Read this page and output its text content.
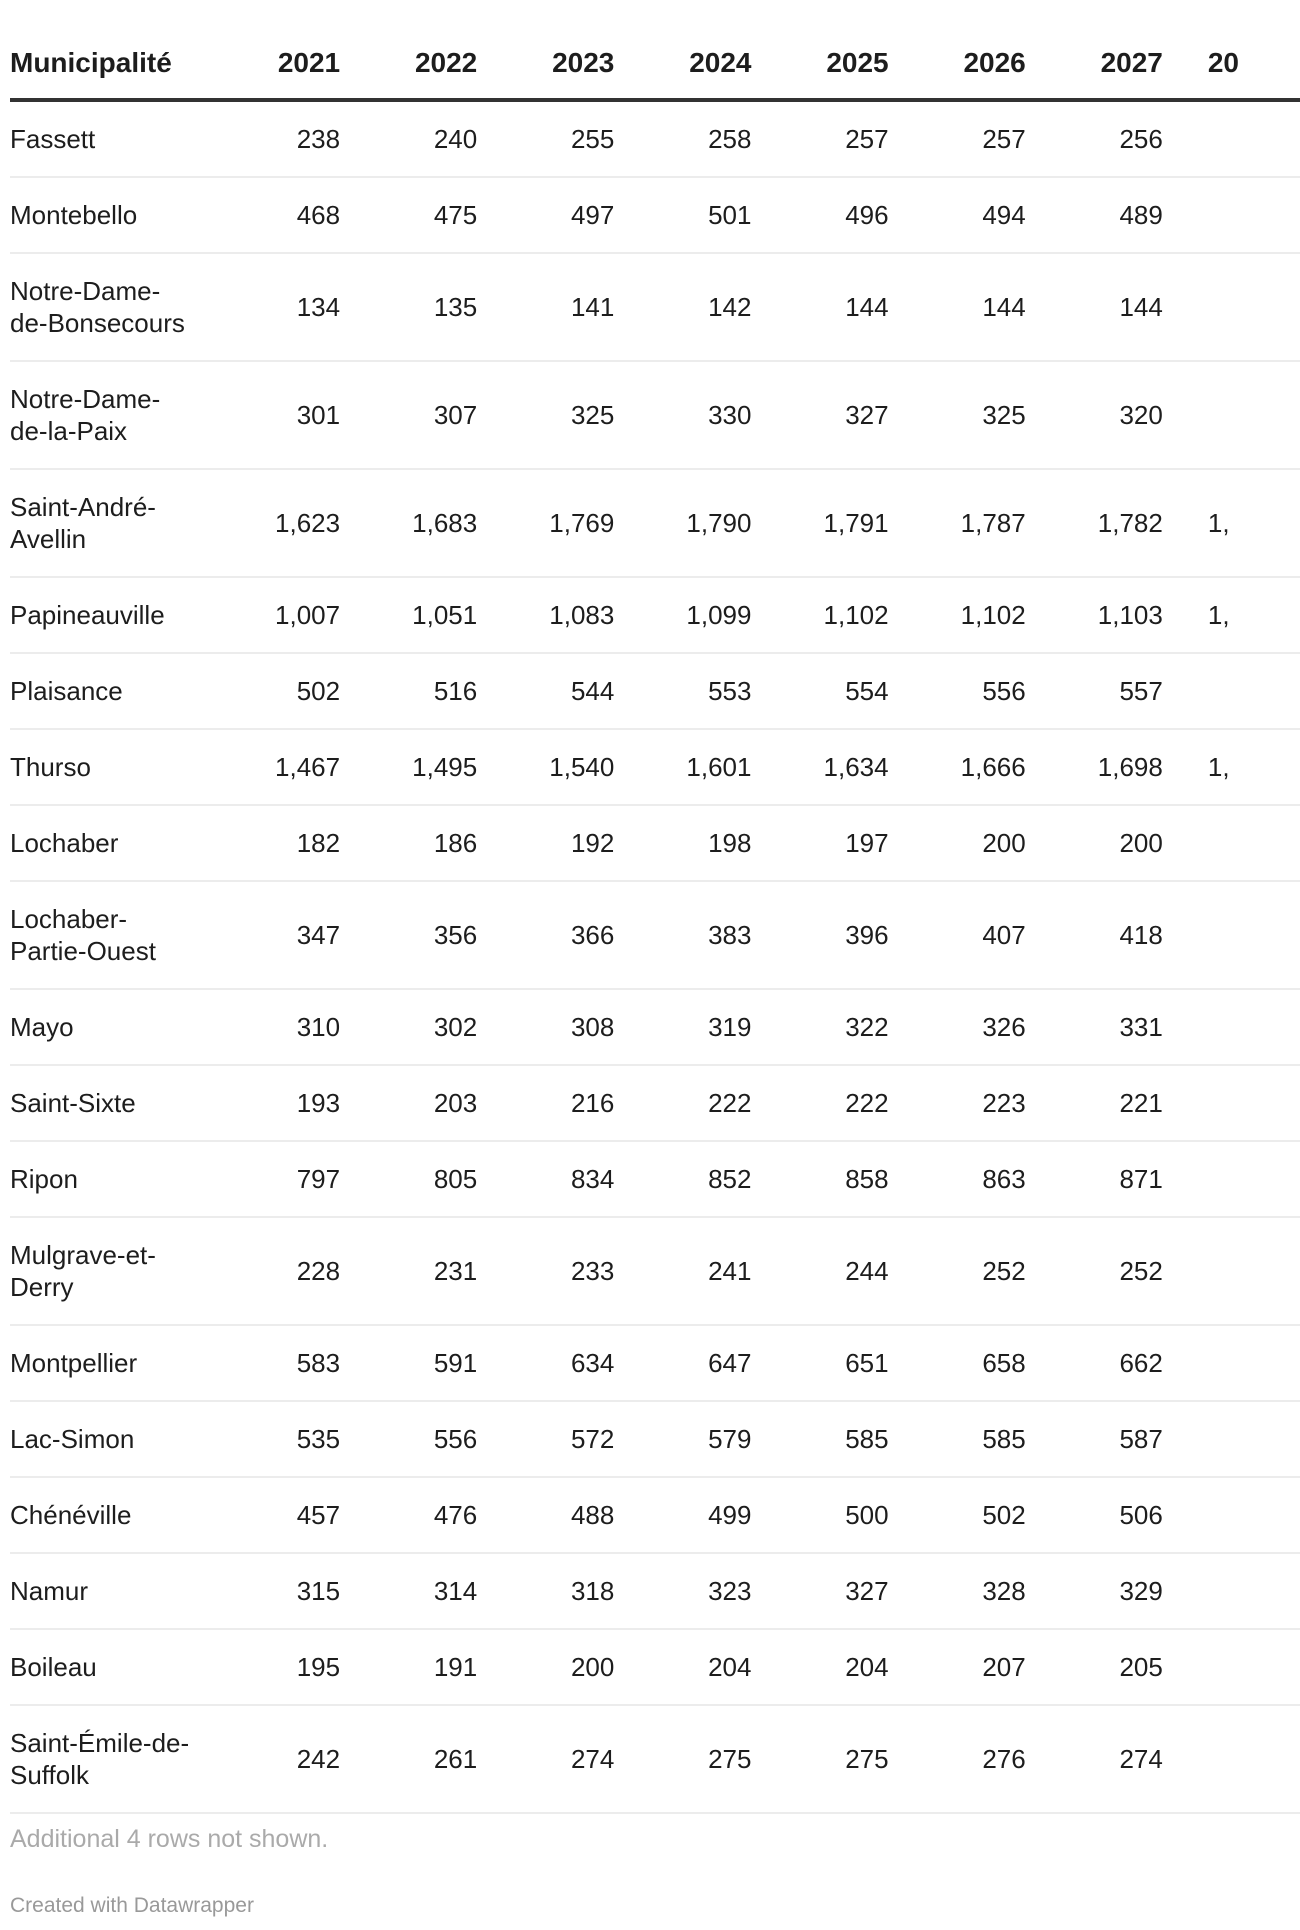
Municipalité	2021	2022	2023	2024	2025	2026	2027	20
Fassett	238	240	255	258	257	257	256	
Montebello	468	475	497	501	496	494	489	
Notre-Dame-de-Bonsecours	134	135	141	142	144	144	144	
Notre-Dame-de-la-Paix	301	307	325	330	327	325	320	
Saint-André-Avellin	1,623	1,683	1,769	1,790	1,791	1,787	1,782	1,
Papineauville	1,007	1,051	1,083	1,099	1,102	1,102	1,103	1,
Plaisance	502	516	544	553	554	556	557	
Thurso	1,467	1,495	1,540	1,601	1,634	1,666	1,698	1,
Lochaber	182	186	192	198	197	200	200	
Lochaber-Partie-Ouest	347	356	366	383	396	407	418	
Mayo	310	302	308	319	322	326	331	
Saint-Sixte	193	203	216	222	222	223	221	
Ripon	797	805	834	852	858	863	871	
Mulgrave-et-Derry	228	231	233	241	244	252	252	
Montpellier	583	591	634	647	651	658	662	
Lac-Simon	535	556	572	579	585	585	587	
Chénéville	457	476	488	499	500	502	506	
Namur	315	314	318	323	327	328	329	
Boileau	195	191	200	204	204	207	205	
Saint-Émile-de-Suffolk	242	261	274	275	275	276	274	
Additional 4 rows not shown.
Created with Datawrapper
